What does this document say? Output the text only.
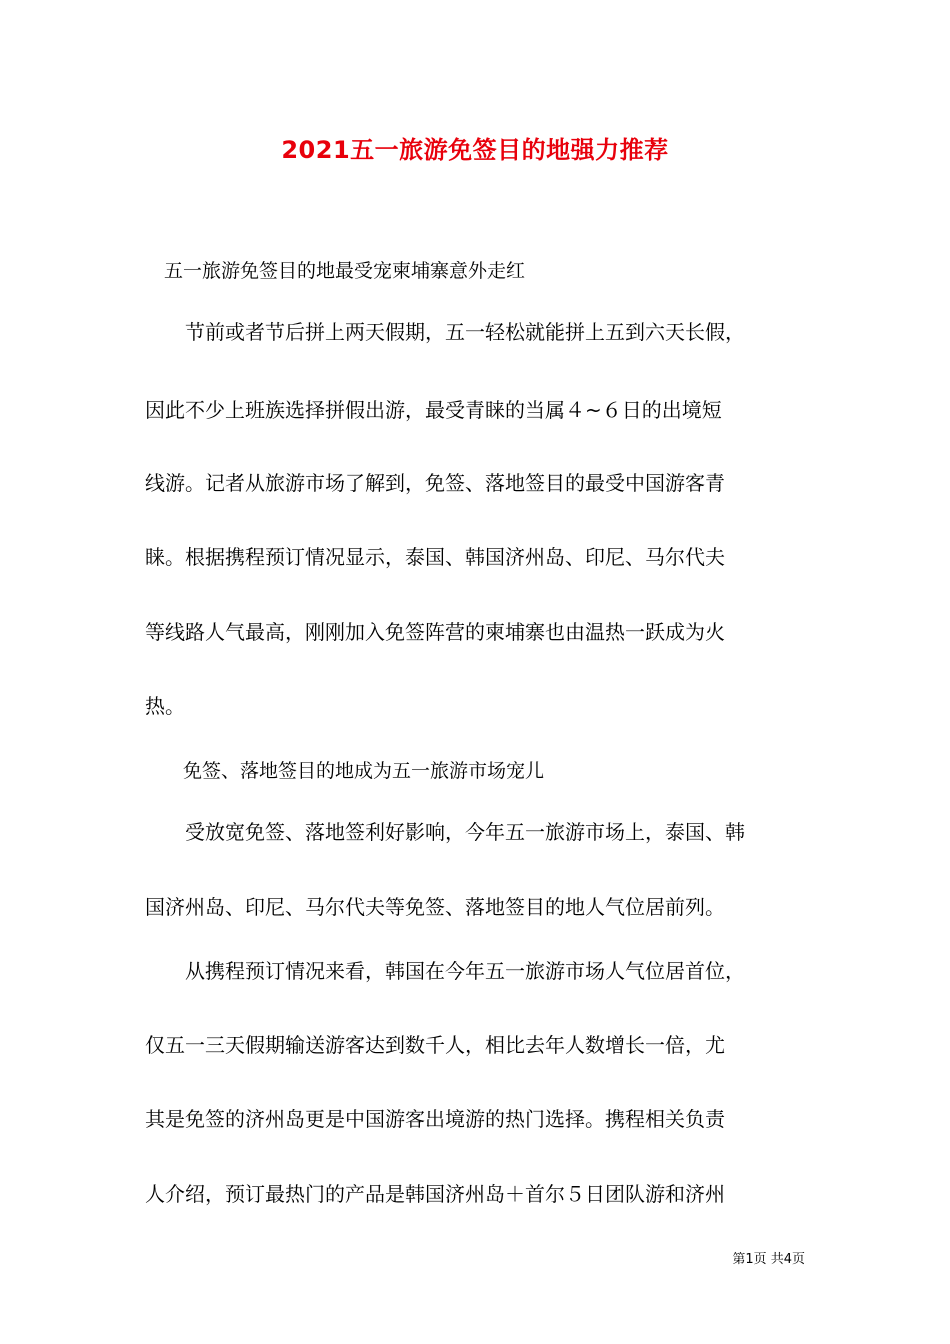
2021五一旅游免签目的地强力推荐
　五一旅游免签目的地最受宠柬埔寨意外走红
　　节前或者节后拼上两天假期，五一轻松就能拼上五到六天长假，
因此不少上班族选择拼假出游，最受青睐的当属４~６日的出境短
线游。记者从旅游市场了解到，免签、落地签目的最受中国游客青
睐。根据携程预订情况显示，泰国、韩国济州岛、印尼、马尔代夫
等线路人气最高，刚刚加入免签阵营的柬埔寨也由温热一跃成为火
热。
　　免签、落地签目的地成为五一旅游市场宠儿
　　受放宽免签、落地签利好影响，今年五一旅游市场上，泰国、韩
国济州岛、印尼、马尔代夫等免签、落地签目的地人气位居前列。
　　从携程预订情况来看，韩国在今年五一旅游市场人气位居首位，
仅五一三天假期输送游客达到数千人，相比去年人数增长一倍，尤
其是免签的济州岛更是中国游客出境游的热门选择。携程相关负责
人介绍，预订最热门的产品是韩国济州岛＋首尔５日团队游和济州
第1页 共4页
